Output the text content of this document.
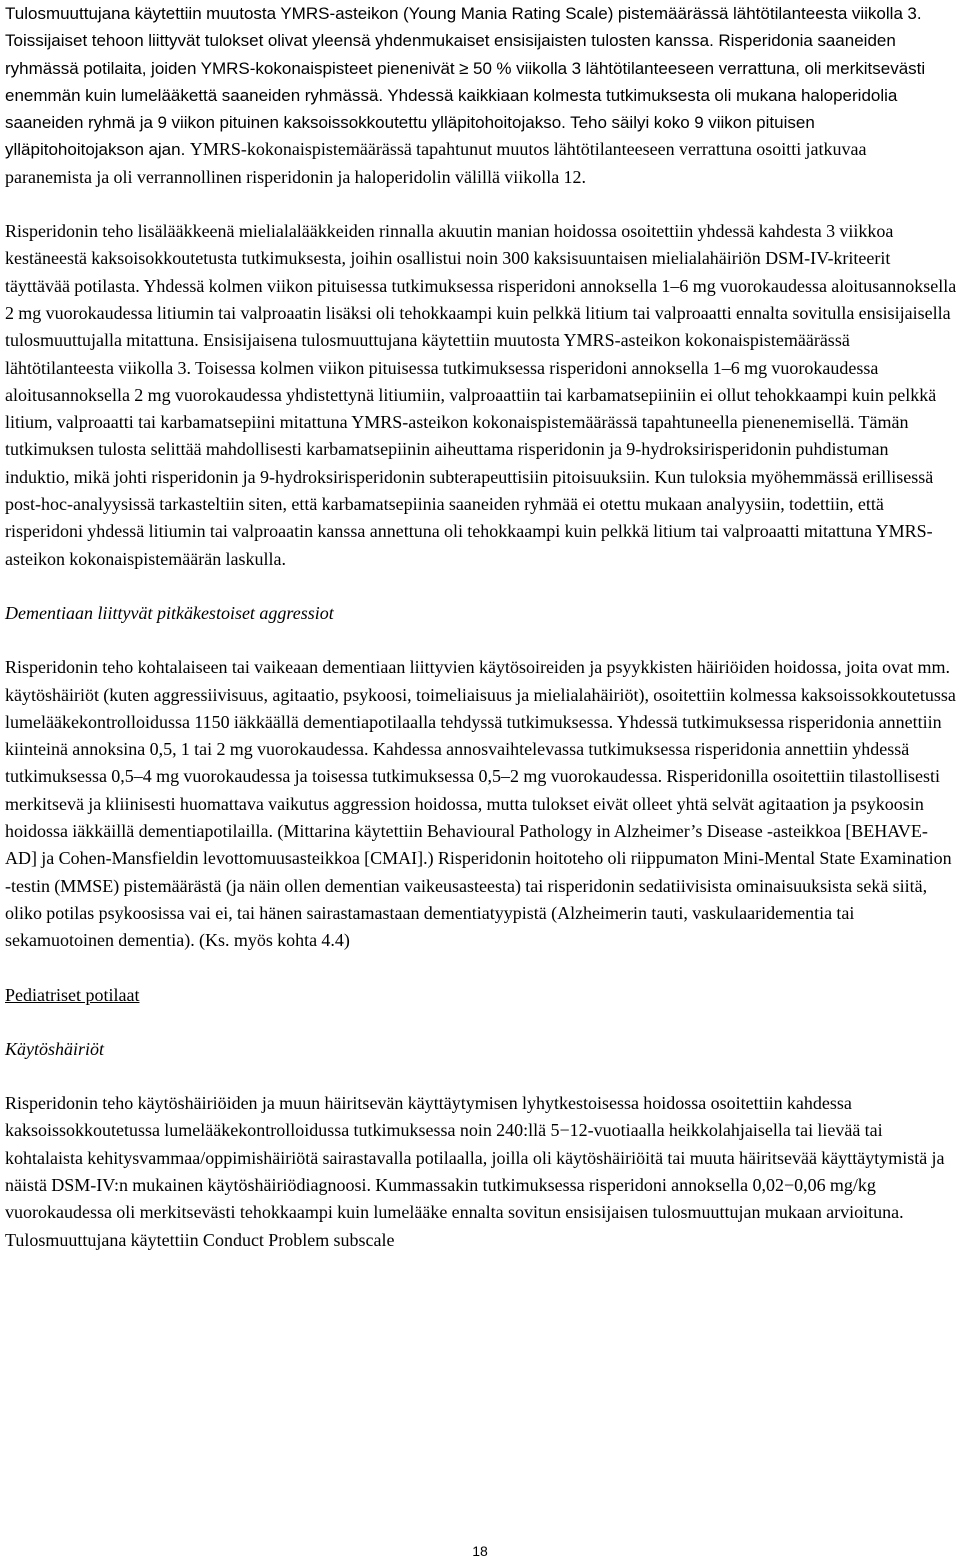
Tulosmuuttujana käytettiin muutosta YMRS-asteikon (Young Mania Rating Scale) pistemäärässä lähtötilanteesta viikolla 3. Toissijaiset tehoon liittyvät tulokset olivat yleensä yhdenmukaiset ensisijaisten tulosten kanssa. Risperidonia saaneiden ryhmässä potilaita, joiden YMRS-kokonaispisteet pienenivät ≥ 50 % viikolla 3 lähtötilanteeseen verrattuna, oli merkitsevästi enemmän kuin lumelääkettä saaneiden ryhmässä. Yhdessä kaikkiaan kolmesta tutkimuksesta oli mukana haloperidolia saaneiden ryhmä ja 9 viikon pituinen kaksoissokkoutettu ylläpitohoitojakso. Teho säilyi koko 9 viikon pituisen ylläpitohoitojakson ajan. YMRS-kokonaispistemäärässä tapahtunut muutos lähtötilanteeseen verrattuna osoitti jatkuvaa paranemista ja oli verrannollinen risperidonin ja haloperidolin välillä viikolla 12.

Risperidonin teho lisälääkkeenä mielialalääkkeiden rinnalla akuutin manian hoidossa osoitettiin yhdessä kahdesta 3 viikkoa kestäneestä kaksoisokkoutetusta tutkimuksesta, joihin osallistui noin 300 kaksisuuntaisen mielialahäiriön DSM-IV-kriteerit täyttävää potilasta. Yhdessä kolmen viikon pituisessa tutkimuksessa risperidoni annoksella 1–6 mg vuorokaudessa aloitusannoksella 2 mg vuorokaudessa litiumin tai valproaatin lisäksi oli tehokkaampi kuin pelkkä litium tai valproaatti ennalta sovitulla ensisijaisella tulosmuuttujalla mitattuna. Ensisijaisena tulosmuuttujana käytettiin muutosta YMRS-asteikon kokonaispistemäärässä lähtötilanteesta viikolla 3. Toisessa kolmen viikon pituisessa tutkimuksessa risperidoni annoksella 1–6 mg vuorokaudessa aloitusannoksella 2 mg vuorokaudessa yhdistettynä litiumiin, valproaattiin tai karbamatsepiiniin ei ollut tehokkaampi kuin pelkkä litium, valproaatti tai karbamatsepiini mitattuna YMRS-asteikon kokonaispistemäärässä tapahtuneella pienenemisellä. Tämän tutkimuksen tulosta selittää mahdollisesti karbamatsepiinin aiheuttama risperidonin ja 9-hydroksirisperidonin puhdistuman induktio, mikä johti risperidonin ja 9-hydroksirisperidonin subterapeuttisiin pitoisuuksiin. Kun tuloksia myöhemmässä erillisessä post-hoc-analyysissä tarkasteltiin siten, että karbamatsepiinia saaneiden ryhmää ei otettu mukaan analyysiin, todettiin, että risperidoni yhdessä litiumin tai valproaatin kanssa annettuna oli tehokkaampi kuin pelkkä litium tai valproaatti mitattuna YMRS-asteikon kokonaispistemäärän laskulla.

Dementiaan liittyvät pitkäkestoiset aggressiot

Risperidonin teho kohtalaiseen tai vaikeaan dementiaan liittyvien käytösoireiden ja psyykkisten häiriöiden hoidossa, joita ovat mm. käytöshäiriöt (kuten aggressiivisuus, agitaatio, psykoosi, toimeliaisuus ja mielialahäiriöt), osoitettiin kolmessa kaksoissokkoutetussa lumelääkekontrolloidussa 1150 iäkkäällä dementiapotilaalla tehdyssä tutkimuksessa. Yhdessä tutkimuksessa risperidonia annettiin kiinteinä annoksina 0,5, 1 tai 2 mg vuorokaudessa. Kahdessa annosvaihtelevassa tutkimuksessa risperidonia annettiin yhdessä tutkimuksessa 0,5–4 mg vuorokaudessa ja toisessa tutkimuksessa 0,5–2 mg vuorokaudessa. Risperidonilla osoitettiin tilastollisesti merkitsevä ja kliinisesti huomattava vaikutus aggression hoidossa, mutta tulokset eivät olleet yhtä selvät agitaation ja psykoosin hoidossa iäkkäillä dementiapotilailla. (Mittarina käytettiin Behavioural Pathology in Alzheimer’s Disease -asteikkoa [BEHAVE-AD] ja Cohen-Mansfieldin levottomuusasteikkoa [CMAI].) Risperidonin hoitoteho oli riippumaton Mini-Mental State Examination -testin (MMSE) pistemäärästä (ja näin ollen dementian vaikeusasteesta) tai risperidonin sedatiivisista ominaisuuksista sekä siitä, oliko potilas psykoosissa vai ei, tai hänen sairastamastaan dementiatyypistä (Alzheimerin tauti, vaskulaaridementia tai sekamuotoinen dementia). (Ks. myös kohta 4.4)

Pediatriset potilaat

Käytöshäiriöt

Risperidonin teho käytöshäiriöiden ja muun häiritsevän käyttäytymisen lyhytkestoisessa hoidossa osoitettiin kahdessa kaksoissokkoutetussa lumelääkekontrolloidussa tutkimuksessa noin 240:llä 5−12-vuotiaalla heikkolahjaisella tai lievää tai kohtalaista kehitysvammaa/oppimishäiriötä sairastavalla potilaalla, joilla oli käytöshäiriöitä tai muuta häiritsevää käyttäytymistä ja näistä DSM-IV:n mukainen käytöshäiriödiagnoosi. Kummassakin tutkimuksessa risperidoni annoksella 0,02−0,06 mg/kg vuorokaudessa oli merkitsevästi tehokkaampi kuin lumelääke ennalta sovitun ensisijaisen tulosmuuttujan mukaan arvioituna. Tulosmuuttujana käytettiin Conduct Problem subscale

18
